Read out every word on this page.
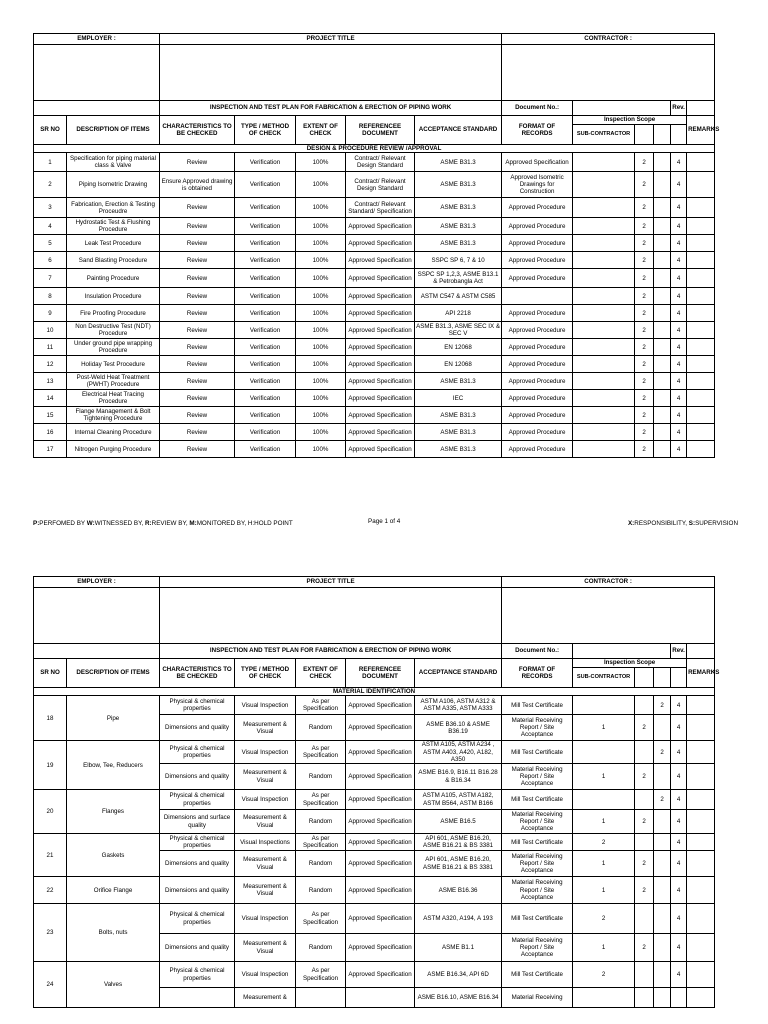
EMPLOYER :		PROJECT TITLE					CONTRACTOR :					

		INSPECTION AND TEST PLAN FOR FABRICATION & ERECTION OF PIPING WORK					Document No.:				Rev.	
SR NO	DESCRIPTION OF ITEMS	CHARACTERISTICS TO BE CHECKED	TYPE / METHOD OF CHECK	EXTENT OF CHECK	REFERENCEE DOCUMENT	ACCEPTANCE STANDARD	FORMAT OF RECORDS	Inspection Scope				REMARKS
								SUB-CONTRACTOR				
DESIGN & PROCEDURE REVIEW /APPROVAL												
1	Specification for piping material class & Valve	Review	Verification	100%	Contract/ Relevant Design Standard	ASME B31.3	Approved Specification		2		4	
2	Piping Isometric Drawing	Ensure Approved drawing is obtained	Verification	100%	Contract/ Relevant Design Standard	ASME B31.3	Approved Isometric Drawings for Construction		2		4	
3	Fabrication, Erection & Testing Proceudre	Review	Verification	100%	Contract/ Relevant Standard/ Specification	ASME B31.3	Approved Procedure		2		4	
4	Hydrostatic Test & Flushing Procedure	Review	Verification	100%	Approved Specification	ASME B31.3	Approved Procedure		2		4	
5	Leak Test Procedure	Review	Verification	100%	Approved Specification	ASME B31.3	Approved Procedure		2		4	
6	Sand Blasting Procedure	Review	Verification	100%	Approved Specification	SSPC SP 6, 7 & 10	Approved Procedure		2		4	
7	Painting Procedure	Review	Verification	100%	Approved Specification	SSPC SP 1,2,3, ASME B13.1 & Petrobangla Act	Approved Procedure		2		4	
8	Insulation Procedure	Review	Verification	100%	Approved Specification	ASTM C547 & ASTM C585			2		4	
9	Fire Proofing Procedure	Review	Verification	100%	Approved Specification	API 2218	Approved Procedure		2		4	
10	Non Destructive Test (NDT) Procedure	Review	Verification	100%	Approved Specification	ASME B31.3, ASME SEC IX & SEC V	Approved Procedure		2		4	
11	Under ground pipe wrapping Procedure	Review	Verification	100%	Approved Specification	EN 12068	Approved Procedure		2		4	
12	Holiday Test Procedure	Review	Verification	100%	Approved Specification	EN 12068	Approved Procedure		2		4	
13	Post-Weld Heat Treatment (PWHT) Procedure	Review	Verification	100%	Approved Specification	ASME B31.3	Approved Procedure		2		4	
14	Electrical Heat Tracing Procedure	Review	Verification	100%	Approved Specification	IEC	Approved Procedure		2		4	
15	Flange Management & Bolt Tightening Procedure	Review	Verification	100%	Approved Specification	ASME B31.3	Approved Procedure		2		4	
16	Internal Cleaning Procedure	Review	Verification	100%	Approved Specification	ASME B31.3	Approved Procedure		2		4	
17	Nitrogen Purging Procedure	Review	Verification	100%	Approved Specification	ASME B31.3	Approved Procedure		2		4	
P:PERFOMED BY W:WITNESSED BY, R:REVIEW BY, M:MONITORED BY, H:HOLD POINT	Page 1 of 4	X:RESPONSIBILITY, S:SUPERVISION
EMPLOYER :		PROJECT TITLE					CONTRACTOR :					

		INSPECTION AND TEST PLAN FOR FABRICATION & ERECTION OF PIPING WORK					Document No.:				Rev.	
SR NO	DESCRIPTION OF ITEMS	CHARACTERISTICS TO BE CHECKED	TYPE / METHOD OF CHECK	EXTENT OF CHECK	REFERENCEE DOCUMENT	ACCEPTANCE STANDARD	FORMAT OF RECORDS	Inspection Scope				REMARKS
								SUB-CONTRACTOR				
MATERIAL IDENTIFICATION												
18	Pipe	Physical & chemical properties	Visual Inspection	As per Specification	Approved Specification	ASTM A106, ASTM A312 & ASTM A335, ASTM A333	Mill Test Certificate			2	4	
		Dimensions and quality	Measurement & Visual	Random	Approved Specification	ASME B36.10 & ASME B36.19	Material Receiving Report / Site Acceptance	1	2		4	
19	Elbow, Tee, Reducers	Physical & chemical properties	Visual Inspection	As per Specification	Approved Specification	ASTM A105, ASTM A234 , ASTM A403, A420, A182, A350	Mill Test Certificate			2	4	
		Dimensions and quality	Measurement & Visual	Random	Approved Specification	ASME B16.9, B16.11 B16.28 & B16.34	Material Receiving Report / Site Acceptance	1	2		4	
20	Flanges	Physical & chemical properties	Visual Inspection	As per Specification	Approved Specification	ASTM A105, ASTM A182, ASTM B564, ASTM B166	Mill Test Certificate			2	4	
		Dimensions and surface quality	Measurement & Visual	Random	Approved Specification	ASME B16.5	Material Receiving Report / Site Acceptance	1	2		4	
21	Gaskets	Physical & chemical properties	Visual Inspections	As per Specification	Approved Specification	API 601, ASME B16.20, ASME B16.21 & BS 3381	Mill Test Certificate	2			4	
		Dimensions and quality	Measurement & Visual	Random	Approved Specification	API 601, ASME B16.20, ASME B16.21 & BS 3381	Material Receiving Report / Site Acceptance	1	2		4	
22	Orifice Flange	Dimensions and quality	Measurement & Visual	Random	Approved Specification	ASME B16.36	Material Receiving Report / Site Acceptance	1	2		4	
23	Bolts, nuts	Physical & chemical properties	Visual Inspection	As per Specification	Approved Specification	ASTM A320, A194, A 193	Mill Test Certificate	2			4	
		Dimensions and quality	Measurement & Visual	Random	Approved Specification	ASME B1.1	Material Receiving Report / Site Acceptance	1	2		4	
24	Valves	Physical & chemical properties	Visual Inspection	As per Specification	Approved Specification	ASME B16.34, API 6D	Mill Test Certificate	2			4	
			Measurement &			ASME B16.10, ASME B16.34	Material Receiving					
